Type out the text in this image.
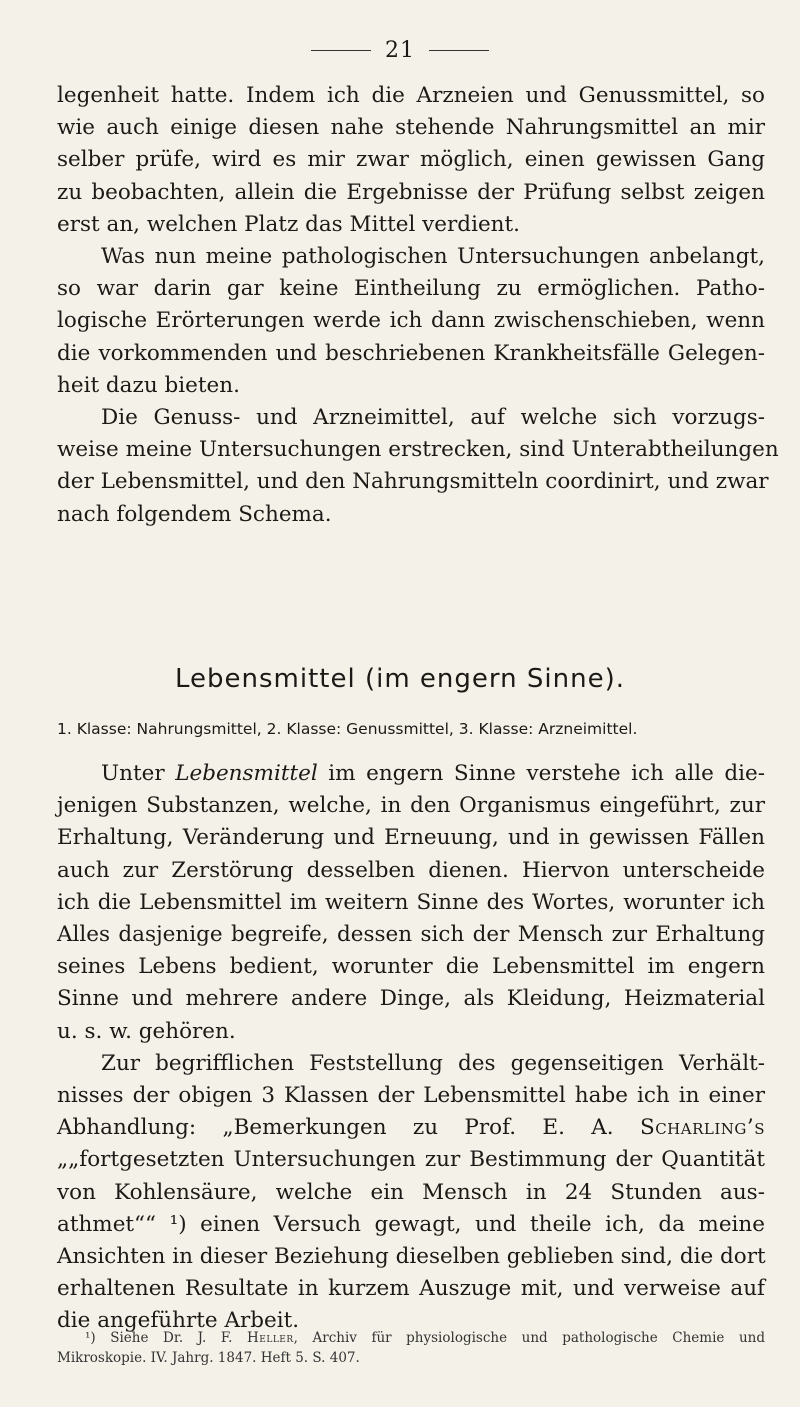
21
legenheit hatte. Indem ich die Arzneien und Genussmittel, so
wie auch einige diesen nahe stehende Nahrungsmittel an mir
selber prüfe, wird es mir zwar möglich, einen gewissen Gang
zu beobachten, allein die Ergebnisse der Prüfung selbst zeigen
erst an, welchen Platz das Mittel verdient.
Was nun meine pathologischen Untersuchungen anbelangt,
so war darin gar keine Eintheilung zu ermöglichen. Patho-
logische Erörterungen werde ich dann zwischenschieben, wenn
die vorkommenden und beschriebenen Krankheitsfälle Gelegen-
heit dazu bieten.
Die Genuss- und Arzneimittel, auf welche sich vorzugs-
weise meine Untersuchungen erstrecken, sind Unterabtheilungen
der Lebensmittel, und den Nahrungsmitteln coordinirt, und zwar
nach folgendem Schema.
Lebensmittel (im engern Sinne).
1. Klasse: Nahrungsmittel, 2. Klasse: Genussmittel, 3. Klasse: Arzneimittel.
Unter Lebensmittel im engern Sinne verstehe ich alle die-
jenigen Substanzen, welche, in den Organismus eingeführt, zur
Erhaltung, Veränderung und Erneuung, und in gewissen Fällen
auch zur Zerstörung desselben dienen. Hiervon unterscheide
ich die Lebensmittel im weitern Sinne des Wortes, worunter ich
Alles dasjenige begreife, dessen sich der Mensch zur Erhaltung
seines Lebens bedient, worunter die Lebensmittel im engern
Sinne und mehrere andere Dinge, als Kleidung, Heizmaterial
u. s. w. gehören.
Zur begrifflichen Feststellung des gegenseitigen Verhält-
nisses der obigen 3 Klassen der Lebensmittel habe ich in einer
Abhandlung: „Bemerkungen zu Prof. E. A. Scharling’s
„„fortgesetzten Untersuchungen zur Bestimmung der Quantität
von Kohlensäure, welche ein Mensch in 24 Stunden aus-
athmet““ ¹) einen Versuch gewagt, und theile ich, da meine
Ansichten in dieser Beziehung dieselben geblieben sind, die dort
erhaltenen Resultate in kurzem Auszuge mit, und verweise auf
die angeführte Arbeit.
¹) Siehe Dr. J. F. Heller, Archiv für physiologische und pathologische Chemie und
Mikroskopie. IV. Jahrg. 1847. Heft 5. S. 407.
